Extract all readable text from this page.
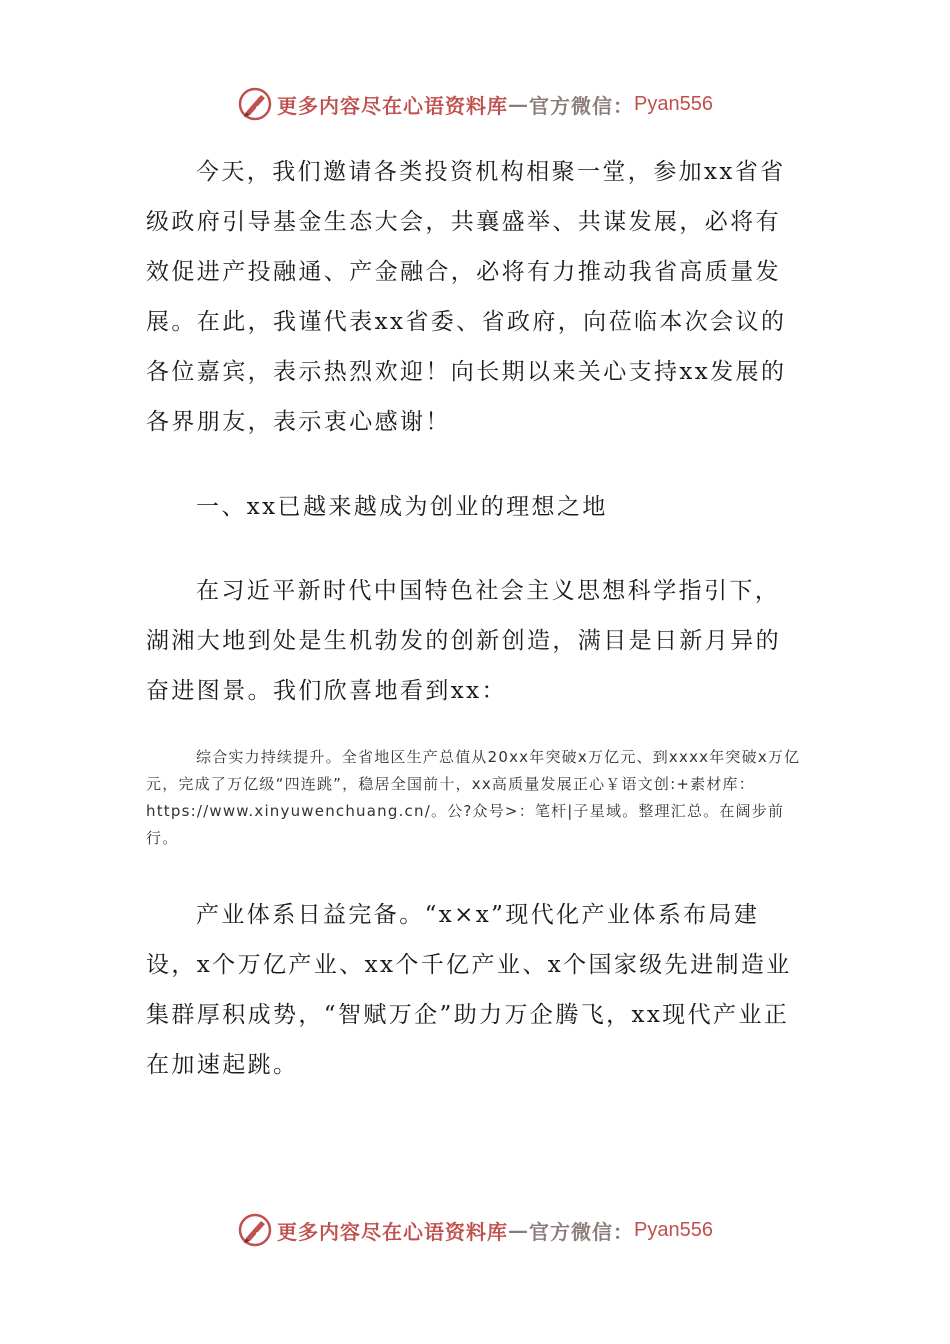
更多内容尽在心语资料库 — 官方微信： Pyan556

今天，我们邀请各类投资机构相聚一堂，参加xx省省级政府引导基金生态大会，共襄盛举、共谋发展，必将有效促进产投融通、产金融合，必将有力推动我省高质量发展。在此，我谨代表xx省委、省政府，向莅临本次会议的各位嘉宾，表示热烈欢迎！向长期以来关心支持xx发展的各界朋友，表示衷心感谢！

一、xx已越来越成为创业的理想之地

在习近平新时代中国特色社会主义思想科学指引下，湖湘大地到处是生机勃发的创新创造，满目是日新月异的奋进图景。我们欣喜地看到xx：

综合实力持续提升。全省地区生产总值从20xx年突破x万亿元、到xxxx年突破x万亿元，完成了万亿级“四连跳”，稳居全国前十，xx高质量发展正心￥语文创:+素材库：https://www.xinyuwenchuang.cn/。公?众号>：笔杆|子星域。整理汇总。在阔步前行。

产业体系日益完备。“x×x”现代化产业体系布局建设，x个万亿产业、xx个千亿产业、x个国家级先进制造业集群厚积成势，“智赋万企”助力万企腾飞，xx现代产业正在加速起跳。

更多内容尽在心语资料库 — 官方微信： Pyan556
